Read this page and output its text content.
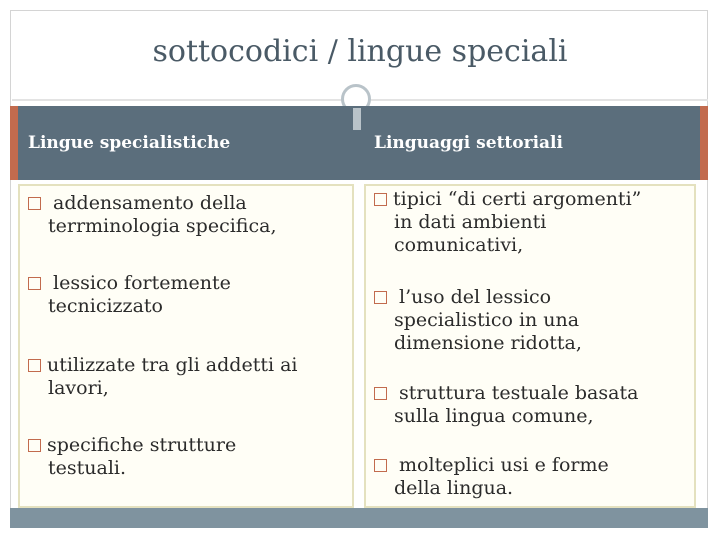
sottocodici / lingue speciali
Lingue specialistiche	Linguaggi settoriali
addensamento della
terrminologia specifica,
lessico fortemente
tecnicizzato
utilizzate tra gli addetti ai
lavori,
specifiche strutture
testuali.
tipici “di certi argomenti”
in dati ambienti
comunicativi,
l’uso del lessico
specialistico in una
dimensione ridotta,
struttura testuale basata
sulla lingua comune,
molteplici usi e forme
della lingua.
